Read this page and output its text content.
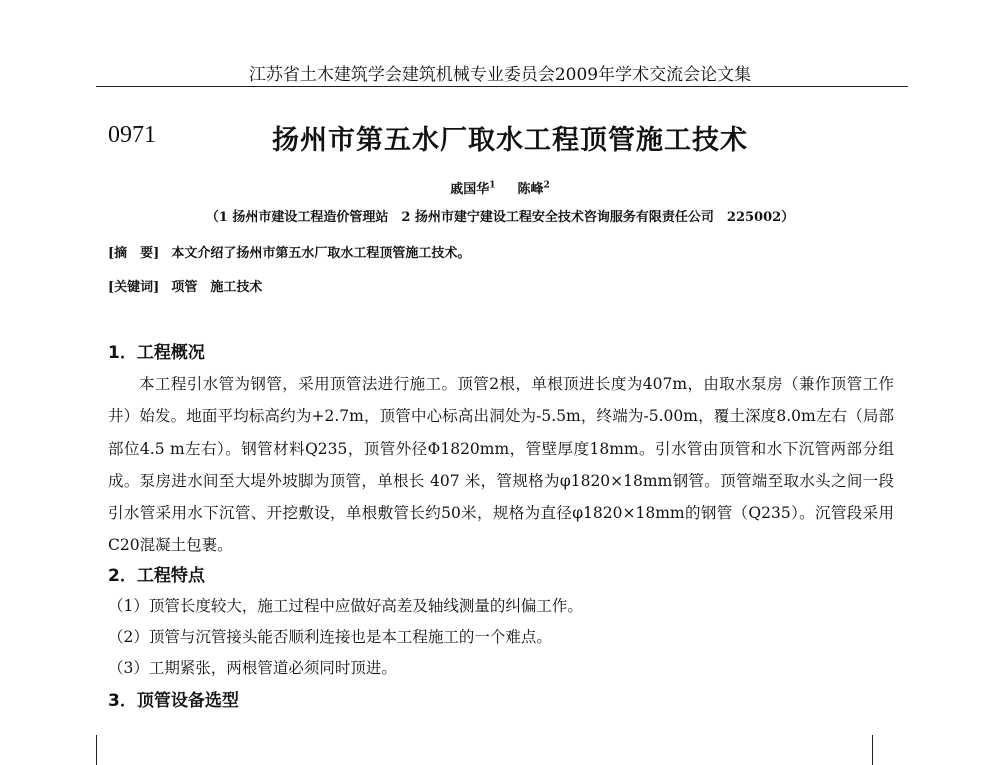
江苏省土木建筑学会建筑机械专业委员会2009年学术交流会论文集
0971	扬州市第五水厂取水工程顶管施工技术
戚国华$^1$   陈峰$^2$
（1 扬州市建设工程造价管理站　2 扬州市建宁建设工程安全技术咨询服务有限责任公司　225002）
[摘　要] 本文介绍了扬州市第五水厂取水工程顶管施工技术。
[关键词] 项管　施工技术
1．工程概况
本工程引水管为钢管，采用顶管法进行施工。顶管2根，单根顶进长度为407m，由取水泵房（兼作顶管工作井）始发。地面平均标高约为+2.7m，顶管中心标高出洞处为-5.5m，终端为-5.00m，覆土深度8.0m左右（局部部位4.5 m左右）。钢管材料Q235，顶管外径Φ1820mm，管壁厚度18mm。引水管由顶管和水下沉管两部分组成。泵房进水间至大堤外坡脚为顶管，单根长 407 米，管规格为φ1820×18mm钢管。顶管端至取水头之间一段引水管采用水下沉管、开挖敷设，单根敷管长约50米，规格为直径φ1820×18mm的钢管（Q235）。沉管段采用C20混凝土包裹。
2．工程特点
（1）顶管长度较大，施工过程中应做好高差及轴线测量的纠偏工作。
（2）顶管与沉管接头能否顺利连接也是本工程施工的一个难点。
（3）工期紧张，两根管道必须同时顶进。
3．顶管设备选型
